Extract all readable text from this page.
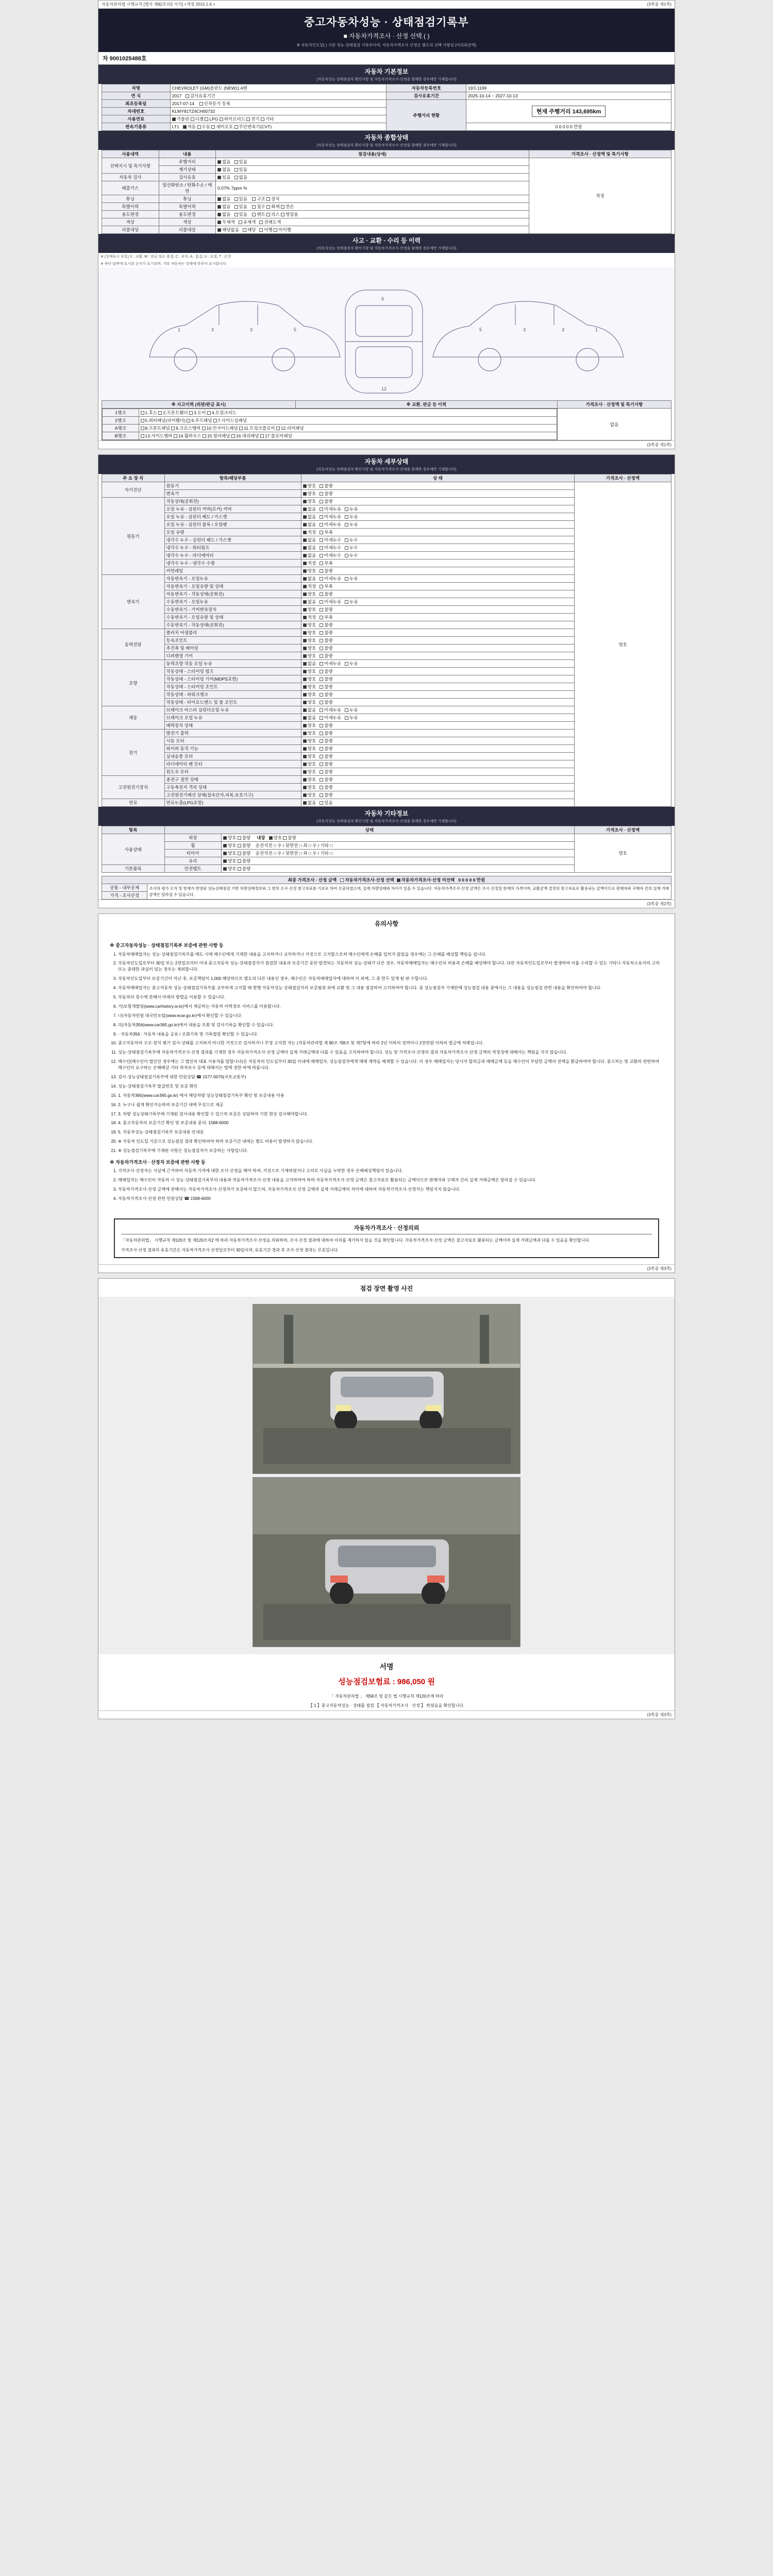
자동차관리법 시행규칙 [별지 제82호의2 서식] <개정 2015.1.6.>	(3쪽중 제1쪽)
중고자동차성능 · 상태점검기록부
■ 자동차가격조사 · 산정 선택 ( )
※ 자동차인도일( ) 기준 성능·상태점검 기록부이며, 자동차가격조사·산정은 별도의 선택 사항임 (비의뢰금액)
차 9001025488호
자동차 기본정보
(자동차성능·상태점검자 확인사항 및 자동차가격조사·산정을 함께한 경우에만 기재합니다)
차명	CHEVROLET (GM)올란도 (NEW)1.4렌	자동차등록번호	19토1199
연 식	2017 검사유효기간	검사유효기간	2025-10-14 ~ 2027-10-13
최초등록일	2017-07-14 신차등기 등록	주행거리 현황	현재 주행거리 143,695km
차대번호	KLMY91TZ4CH00732		
사용연료	가솔린 디젤 LPG 하이브리드 전기 기타		
변속기종류	LT1 자동 수동 세미오토 무단변속기(CVT)		0 0 0 0 0 만원
자동차 종합상태
(자동차성능·상태점검자 확인사항 및 자동차가격조사·산정을 함께한 경우에만 기재합니다)
사용내역	내용	점검내용(상세)	가격조사 · 산정액 및 특기사항
선택지시 및 특기사항	주행거리	없음   있음	적정
	계기상태	없음   있음	
자동차 검사	검사유효	있음   없음	
배출가스	일산화탄소 / 탄화수소 / 매연	0.07% 7ppm %	
튜닝	튜닝	없음   있음    구조 장치	
특별이력	특별이력	없음   있음    침수 화재 전손	
용도변경	용도변경	없음   있음    렌트 리스 영업용	
색상	색상	무채색   유채색   전체도색	
리콜대상	리콜대상	해당없음   해당   이행 미이행	
사고 · 교환 · 수리 등 이력
(자동차성능·상태점검자 확인사항 및 자동차가격조사·산정을 함께한 경우에만 기재합니다)
※ (상태표시 부호) X : 교환, W : 판금 또는 용접, C : 부식, A : 흠집, U : 요철, T : 손상
※ 하단 답변에 표시된 순서가 표기되며, 기타 자동차는 상태에 맞추어 표시합니다
1	3	3	5
6
12
1
3
3
5
※ 사고이력 (외판/판금 표시)	※ 교환, 판금 등 이력	가격조사 · 산정액 및 특기사항

1랭크	1.후드 2.프론트휀더 3.도어 4.트렁크리드
2랭크	5.쿼터패널(리어휀더) 6.루프패널 7.사이드실패널
A랭크	8.프론트패널 9.크로스멤버 10.인사이드패널 11.트렁크플로어 12.리어패널
B랭크	13.사이드멤버 14.휠하우스 15.필러패널 16.대쉬패널 17.플로어패널
	없음
(3쪽중 제1쪽)
자동차 세부상태
(자동차성능·상태점검자 확인사항 및 자동차가격조사·산정을 함께한 경우에만 기재합니다)
주 요 장 치	항목/해당부품	상 태	가격조사 · 산정액
자기진단	원동기	양호 불량	양호
	변속기	양호 불량	
원동기	작동상태(공회전)	양호 불량	
	오일 누유 - 실린더 커버(로커) 커버	없음 미세누유 누유	
	오일 누유 - 실린더 헤드 / 가스켓	없음 미세누유 누유	
	오일 누유 - 실린더 블록 / 오일팬	없음 미세누유 누유	
	오일 유량	적정 부족	
	냉각수 누수 - 실린더 헤드 / 가스켓	없음 미세누수 누수	
	냉각수 누수 - 워터펌프	없음 미세누수 누수	
	냉각수 누수 - 라디에이터	없음 미세누수 누수	
	냉각수 누수 - 냉각수 수량	적정 부족	
	커먼레일	양호 불량	
변속기	자동변속기 - 오일누유	없음 미세누유 누유	
	자동변속기 - 오일유량 및 상태	적정 부족	
	자동변속기 - 작동상태(공회전)	양호 불량	
	수동변속기 - 오일누유	없음 미세누유 누유	
	수동변속기 - 기어변속장치	양호 불량	
	수동변속기 - 오일유량 및 상태	적정 부족	
	수동변속기 - 작동상태(공회전)	양호 불량	
동력전달	클러치 어셈블리	양호 불량	
	등속조인트	양호 불량	
	추진축 및 베어링	양호 불량	
	디퍼렌셜 기어	양호 불량	
조향	동력조향 작동 오일 누유	없음 미세누유 누유	
	작동상태 - 스티어링 펌프	양호 불량	
	작동상태 - 스티어링 기어(MDPS포함)	양호 불량	
	작동상태 - 스티어링 조인트	양호 불량	
	작동상태 - 파워크랭크	양호 불량	
	작동상태 - 타이로드엔드 및 볼 조인트	양호 불량	
제동	브레이크 마스터 실린더오일 누유	없음 미세누유 누유	
	브레이크 오일 누유	없음 미세누유 누유	
	배력장치 상태	양호 불량	
전기	발전기 출력	양호 불량	
	시동 모터	양호 불량	
	와이퍼 동작 기능	양호 불량	
	실내송풍 모터	양호 불량	
	라디에이터 팬 모터	양호 불량	
	윈도우 모터	양호 불량	
고전원전기장치	충전구 절연 상태	양호 불량	
	구동축전지 격리 상태	양호 불량	
	고전원전기배선 상태(접속단자,피복,보호기구)	양호 불량	
연료	연료누출(LPG포함)	없음 있음	
자동차 기타정보
(자동차성능·상태점검자 확인사항 및 자동차가격조사·산정을 함께한 경우에만 기재합니다)
항목	상태		가격조사 · 산정액
사용상태	외장	양호 불량     내장 양호 불량	양호
	휠	양호 불량    운전석전 □ 우 / 뒷면전 □ 좌 □ 우 / 기타 □	
	타이어	양호 불량    운전석전 □ 우 / 뒷면전 □ 좌 □ 우 / 기타 □	
	유리	양호 불량	
기본품목	안전벨트	양호 불량	
최종 가격조사 · 산정 금액 자동차가격조사·산정 선택 자동차가격조사·산정 미선택 0 0 0 0 0 만원
공통 - 내부공제	조사의 평가 오차 및 한계가 반영된 성능상태점검 기반 차량상태정보와 그 밖의 조사·산정 참고자료를 기초로 하여 산출하였으며, 실제 차량상태와 차이가 있을 수 있습니다. 자동차가격조사·산정 금액은 조사·산정일 현재의 가격이며, 교환금액 결정의 참고자료로 활용되는 금액이므로 판매자와 구매자 간의 실제 거래금액은 달라질 수 있습니다.
가격 - 조사산정
(3쪽중 제2쪽)
유의사항
※ 중고자동차성능 · 상태점검기록부 보증에 관한 사항 등
1. 자동차매매업자는 성능·상태점검기록부를 매도 시에 매수인에게 기재한 내용을 고지하거나 교부하거나 거짓으로 고지합으로써 매수인에게 손해를 입히지 않았을 경우에는 그 손해를 배상할 책임을 집니다.
2. 자동차인도일로부터 30일 또는 2천킬로미터 이내 중고자동차 성능·상태점검자가 점검한 내용과 보증기간 동안 발견되는 자동차의 성능·상태가 다른 경우, 자동차매매업자는 매수인의 비용과 손해를 배상해야 합니다. 다만 자동차인도일로부터 발생하여 이를 수리할 수 있는 기타나 자동차소유자의 고의 또는 중대한 과실이 있는 경우는 제외합니다.
3. 자동차인도일부터 보증기간이 지난 후, 보증책임이 1,000 해당하므로 별도의 다른 내용인 경우, 매수인은 자동차매매업자에 대하여 이 외에, 그 중 한두 있게 된 판 수합니다.
4. 자동차매매업자는 중고자동차 성능·상태점검기록부를 교부하게 고지할 때 현행 자동차성능·상태점검자의 보증범위 외에 교환 및 그 내용 점검하여 고지하여야 합니다. 중 성능점검자 기재란에 성능점검 내용 중에서는 그 내용을 성능점검 관련 내용을 확인하여야 합니다.
5. 자동차의 침수에 관해서 아래의 방법을 이용할 수 있습니다.
6. 가)보험개발원(www.carhistory.or.kr)에서 제공하는 자동차 이력정보 서비스를 이용합니다.
7. 나)자동차민원 대국민포털(www.ecar.go.kr)에서 확인할 수 있습니다.
8. 다)자동차356(www.car365.go.kr)에서 내용을 조회 및 검사기록을 확인할 수 있습니다.
9. · 자동차356 : 자동차 내용을 공유 / 조회기록 및 기록열람 확인할 수 있습니다.
10. 중고자동차의 구조·장치 평가 검사·상태를 고지하지 아니한 거짓으로 검사하거나 부정 고지한 자는 (자동차관리법 제 80조 제8조 및 제7항에 따라 2년 이하의 징역이나 2천만원 이하의 벌금에 처해집니다.
11. 성능·상태점검기록부에 자동차가격조사·산정 결과를 기재한 경우 자동차가격조사·산정 금액이 실제 거래금액과 다를 수 있음을 고지하여야 합니다. 성능 및 가격조사·산정의 결과 자동차가격조사·산정 금액의 적정성에 대해서는 책임을 지지 않습니다.
12. 매수인(매수인이 법인인 경우에는 그 법인의 대표 사용자를 말합니다)은 자동차의 인도일부터 30일 이내에 매매업자, 성능점검자에게 매매 계약을 해제할 수 있습니다. 이 경우 매매업자는 당사자 합의금과 매매금액 등을 매수인이 부담한 금액의 전액을 환급하여야 합니다. 중고차는 및 교환의 관련하여 매수인이 요구하는 손해배상 기타 하자보수 등에 대해서는 법에 정한 바에 따릅니다.
13. 검사·성능상태점검기록부에 대한 민원상담 ☎ 1577-0070(국토교통부)
14. 성능·상태점검기록부 발급번호 및 보증 확인
15. 1. 자동차365(www.car365.go.kr) 에서 해당차량 성능상태점검기록부 확인 및 보증내용 이용
16. 2. 누구나 쉽게 확인가능하며 보증기간 내에 무상으로 제공
17. 3. 차량 성능상태기록부에 기재된 검사내용 확인할 수 있으며 보증은 상담하여 기한 현상 검사해야합니다.
18. 4. 중고자동차의 보증기간 확인 및 보증내용 문의: 1588-6000
19. 5. 자동차성능·상태점검기록부 보증내용 안내문
20. ※ 자동차 인도일 기준으로 성능점검 결과 확인하여야 하며 보증기간 내에는 별도 비용이 발생하지 않습니다.
21. ※ 성능점검기록부에 기재된 사항은 성능점검자가 보증하는 사항입니다.
※ 자동차가격조사 · 산정자 보증에 관한 사항 등
1. 가격조사·산정자는 사실에 근거하여 자동차 가격에 대한 조사·산정을 해야 하며, 거짓으로 기재하였거나 고의로 사실을 누락한 경우 손해배상책임이 있습니다.
2. 매매업자는 매수인이 자동차 시 성능·상태점검기록부의 내용과 자동차가격조사·산정 내용을 고지하여야 하며 자동차가격조사·산정 금액은 참고자료로 활용되는 금액이므로 판매자와 구매자 간의 실제 거래금액은 달라질 수 있습니다.
3. 자동차가격조사·산정 금액에 관해서는 자동차가격조사·산정자가 보증하지 않으며, 자동차가격조사·산정 금액과 실제 거래금액의 차이에 대하여 자동차가격조사·산정자는 책임지지 않습니다.
4. 자동차가격조사·산정 관련 민원상담 ☎ 1588-6000
자동차가격조사 · 산정의뢰
「자동차관리법」 시행규칙 제120조 및 제120조의2 에 따라 자동차가격조사·산정을 의뢰하며, 조사·산정 결과에 대하여 이의를 제기하지 않을 것을 확인합니다. 자동차가격조사·산정 금액은 참고자료로 활용되는 금액이며 실제 거래금액과 다를 수 있음을 확인합니다.
가격조사·산정 결과의 유효기간은 자동차가격조사·산정일로부터 30일이며, 유효기간 경과 후 조사·산정 결과는 무효입니다.
(3쪽중 제3쪽)
점검 장면 촬영 사진
서명
성능점검보험료 : 986,050 원
「 자동차관리법 」 제58조 및 같은 법 시행규칙 제120조에 따라
【 1 】중고자동차성능 · 상태를 점검 【 자동차가격조사 · 산정 】 하였음을 확인합니다.
(3쪽중 제3쪽)
